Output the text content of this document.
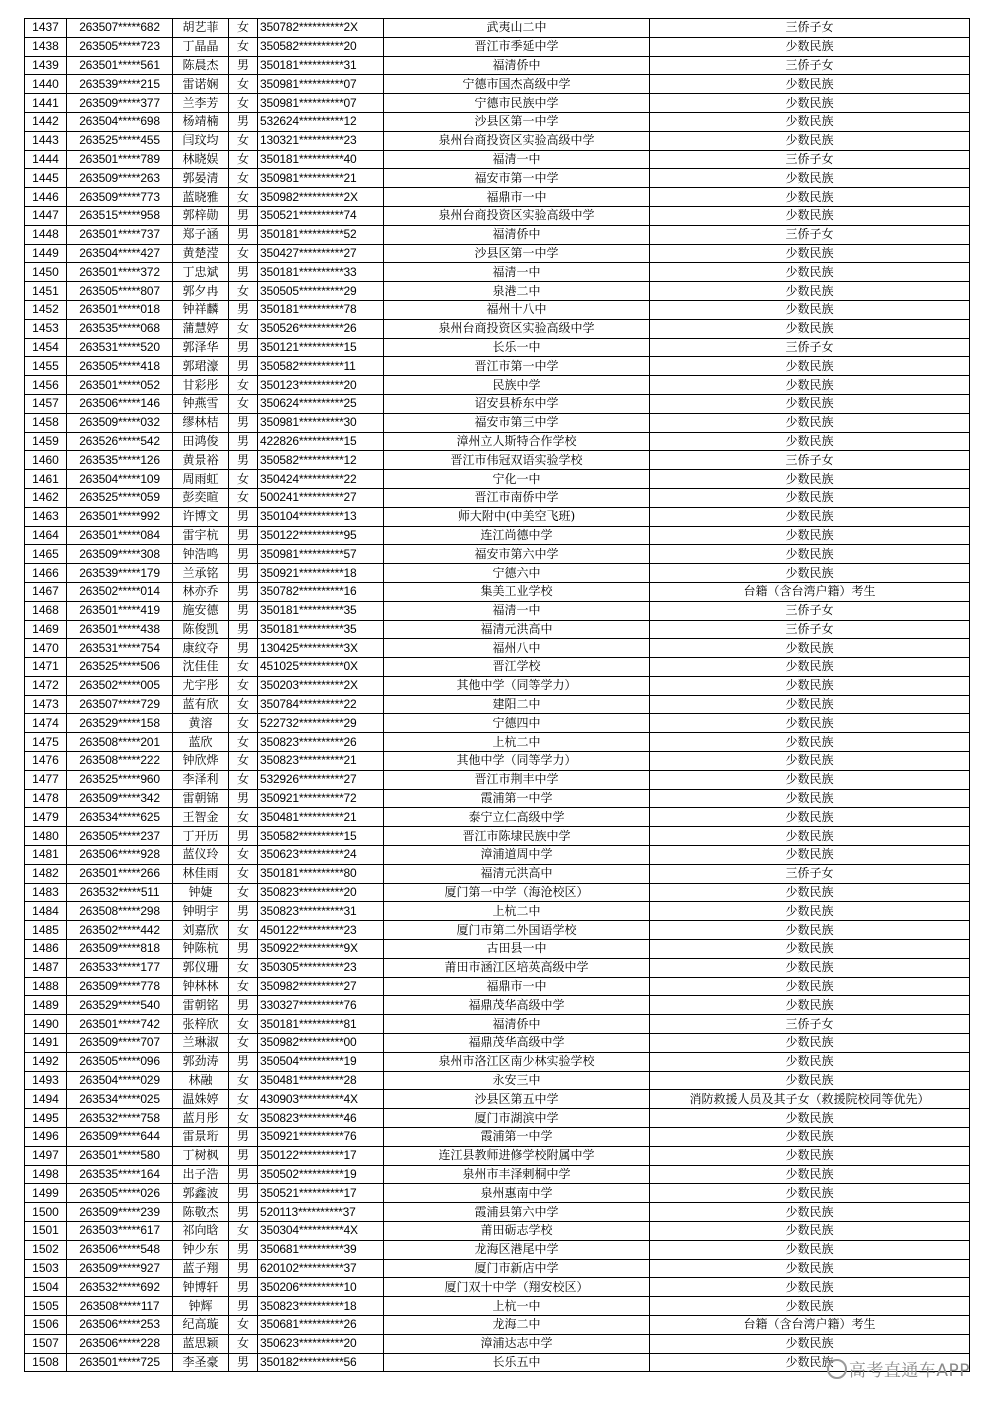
1437	263507*****682	胡艺菲	女	350782**********2X	武夷山二中	三侨子女
1438	263505*****723	丁晶晶	女	350582**********20	晋江市季延中学	少数民族
1439	263501*****561	陈晨杰	男	350181**********31	福清侨中	三侨子女
1440	263539*****215	雷诺娴	女	350981**********07	宁德市国杰高级中学	少数民族
1441	263509*****377	兰李芳	女	350981**********07	宁德市民族中学	少数民族
1442	263504*****698	杨靖楠	男	532624**********12	沙县区第一中学	少数民族
1443	263525*****455	闫玟均	女	130321**********23	泉州台商投资区实验高级中学	少数民族
1444	263501*****789	林晓娱	女	350181**********40	福清一中	三侨子女
1445	263509*****263	郭晏清	女	350981**********21	福安市第一中学	少数民族
1446	263509*****773	蓝晓雅	女	350982**********2X	福鼎市一中	少数民族
1447	263515*****958	郭梓勋	男	350521**********74	泉州台商投资区实验高级中学	少数民族
1448	263501*****737	郑子涵	男	350181**********52	福清侨中	三侨子女
1449	263504*****427	黄楚滢	女	350427**********27	沙县区第一中学	少数民族
1450	263501*****372	丁忠斌	男	350181**********33	福清一中	少数民族
1451	263505*****807	郭夕冉	女	350505**********29	泉港二中	少数民族
1452	263501*****018	钟祥麟	男	350181**********78	福州十八中	少数民族
1453	263535*****068	蒲慧婷	女	350526**********26	泉州台商投资区实验高级中学	少数民族
1454	263531*****520	郭泽华	男	350121**********15	长乐一中	三侨子女
1455	263505*****418	郭珺濠	男	350582**********11	晋江市第一中学	少数民族
1456	263501*****052	甘彩彤	女	350123**********20	民族中学	少数民族
1457	263506*****146	钟燕雪	女	350624**********25	诏安县桥东中学	少数民族
1458	263509*****032	缪林桔	男	350981**********30	福安市第三中学	少数民族
1459	263526*****542	田鸿俊	男	422826**********15	漳州立人斯特合作学校	少数民族
1460	263535*****126	黄景裕	男	350582**********12	晋江市伟冠双语实验学校	三侨子女
1461	263504*****109	周雨虹	女	350424**********22	宁化一中	少数民族
1462	263525*****059	彭奕暄	女	500241**********27	晋江市南侨中学	少数民族
1463	263501*****992	许博文	男	350104**********13	师大附中(中美空飞班)	少数民族
1464	263501*****084	雷宇杭	男	350122**********95	连江尚德中学	少数民族
1465	263509*****308	钟浩鸣	男	350981**********57	福安市第六中学	少数民族
1466	263539*****179	兰承铭	男	350921**********18	宁德六中	少数民族
1467	263502*****014	林亦乔	男	350782**********16	集美工业学校	台籍（含台湾户籍）考生
1468	263501*****419	施安德	男	350181**********35	福清一中	三侨子女
1469	263501*****438	陈俊凯	男	350181**********35	福清元洪高中	三侨子女
1470	263531*****754	康纹夺	男	130425**********3X	福州八中	少数民族
1471	263525*****506	沈佳佳	女	451025**********0X	晋江学校	少数民族
1472	263502*****005	尤宇彤	女	350203**********2X	其他中学（同等学力）	少数民族
1473	263507*****729	蓝有欣	女	350784**********22	建阳二中	少数民族
1474	263529*****158	黄溶	女	522732**********29	宁德四中	少数民族
1475	263508*****201	蓝欣	女	350823**********26	上杭二中	少数民族
1476	263508*****222	钟欣烨	女	350823**********21	其他中学（同等学力）	少数民族
1477	263525*****960	李泽利	女	532926**********27	晋江市荆丰中学	少数民族
1478	263509*****342	雷朝锦	男	350921**********72	霞浦第一中学	少数民族
1479	263534*****625	王智金	女	350481**********21	泰宁立仁高级中学	少数民族
1480	263505*****237	丁开历	男	350582**********15	晋江市陈埭民族中学	少数民族
1481	263506*****928	蓝仪玲	女	350623**********24	漳浦道周中学	少数民族
1482	263501*****266	林佳雨	女	350181**********80	福清元洪高中	三侨子女
1483	263532*****511	钟婕	女	350823**********20	厦门第一中学（海沧校区）	少数民族
1484	263508*****298	钟明宇	男	350823**********31	上杭二中	少数民族
1485	263502*****442	刘嘉欣	女	450122**********23	厦门市第二外国语学校	少数民族
1486	263509*****818	钟陈杭	男	350922**********9X	古田县一中	少数民族
1487	263533*****177	郭仪珊	女	350305**********23	莆田市涵江区培英高级中学	少数民族
1488	263509*****778	钟林林	女	350982**********27	福鼎市一中	少数民族
1489	263529*****540	雷朝铭	男	330327**********76	福鼎茂华高级中学	少数民族
1490	263501*****742	张梓欣	女	350181**********81	福清侨中	三侨子女
1491	263509*****707	兰琳淑	女	350982**********00	福鼎茂华高级中学	少数民族
1492	263505*****096	郭劲涛	男	350504**********19	泉州市洛江区南少林实验学校	少数民族
1493	263504*****029	林融	女	350481**********28	永安三中	少数民族
1494	263534*****025	温姝婷	女	430903**********4X	沙县区第五中学	消防救援人员及其子女（救援院校同等优先）
1495	263532*****758	蓝月彤	女	350823**********46	厦门市湖滨中学	少数民族
1496	263509*****644	雷景珩	男	350921**********76	霞浦第一中学	少数民族
1497	263501*****580	丁树枫	男	350122**********17	连江县教师进修学校附属中学	少数民族
1498	263535*****164	出子浩	男	350502**********19	泉州市丰泽剌桐中学	少数民族
1499	263505*****026	郭鑫波	男	350521**********17	泉州惠南中学	少数民族
1500	263509*****239	陈敬杰	男	520113**********37	霞浦县第六中学	少数民族
1501	263503*****617	祁向晗	女	350304**********4X	莆田砺志学校	少数民族
1502	263506*****548	钟少东	男	350681**********39	龙海区港尾中学	少数民族
1503	263509*****927	蓝子翔	男	620102**********37	厦门市新店中学	少数民族
1504	263532*****692	钟博轩	男	350206**********10	厦门双十中学（翔安校区）	少数民族
1505	263508*****117	钟辉	男	350823**********18	上杭一中	少数民族
1506	263506*****253	纪高璇	女	350681**********26	龙海二中	台籍（含台湾户籍）考生
1507	263506*****228	蓝思颖	女	350623**********20	漳浦达志中学	少数民族
1508	263501*****725	李圣豪	男	350182**********56	长乐五中	少数民族 高考直通车APP
